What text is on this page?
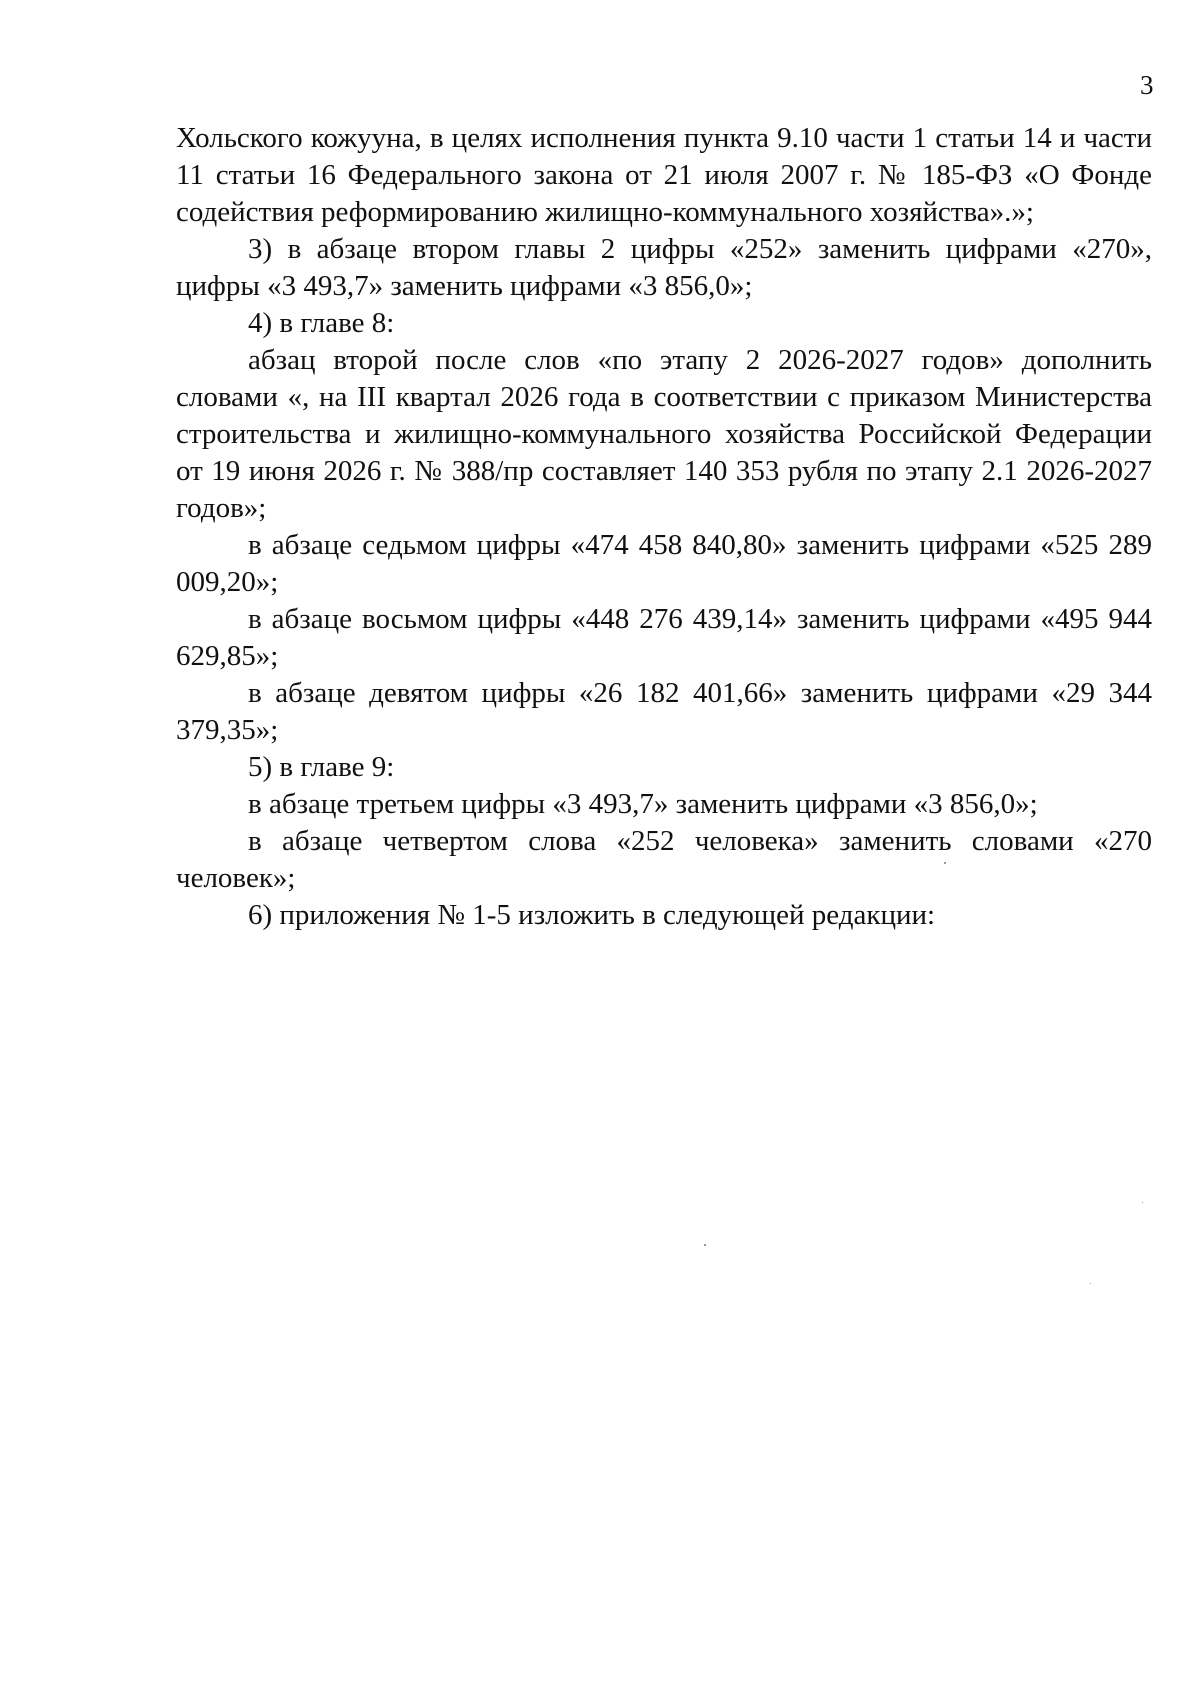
3

Хольского кожууна, в целях исполнения пункта 9.10 части 1 статьи 14 и части 11 статьи 16 Федерального закона от 21 июля 2007 г. № 185-ФЗ «О Фонде содействия реформированию жилищно-коммунального хозяйства».»;

3) в абзаце втором главы 2 цифры «252» заменить цифрами «270», цифры «3 493,7» заменить цифрами «3 856,0»;

4) в главе 8:

абзац второй после слов «по этапу 2 2026-2027 годов» дополнить словами «, на III квартал 2026 года в соответствии с приказом Министерства строительства и жилищно-коммунального хозяйства Российской Федерации от 19 июня 2026 г. № 388/пр составляет 140 353 рубля по этапу 2.1 2026-2027 годов»;

в абзаце седьмом цифры «474 458 840,80» заменить цифрами «525 289 009,20»;

в абзаце восьмом цифры «448 276 439,14» заменить цифрами «495 944 629,85»;

в абзаце девятом цифры «26 182 401,66» заменить цифрами «29 344 379,35»;

5) в главе 9:

в абзаце третьем цифры «3 493,7» заменить цифрами «3 856,0»;

в абзаце четвертом слова «252 человека» заменить словами «270 человек»;

6) приложения № 1-5 изложить в следующей редакции:
